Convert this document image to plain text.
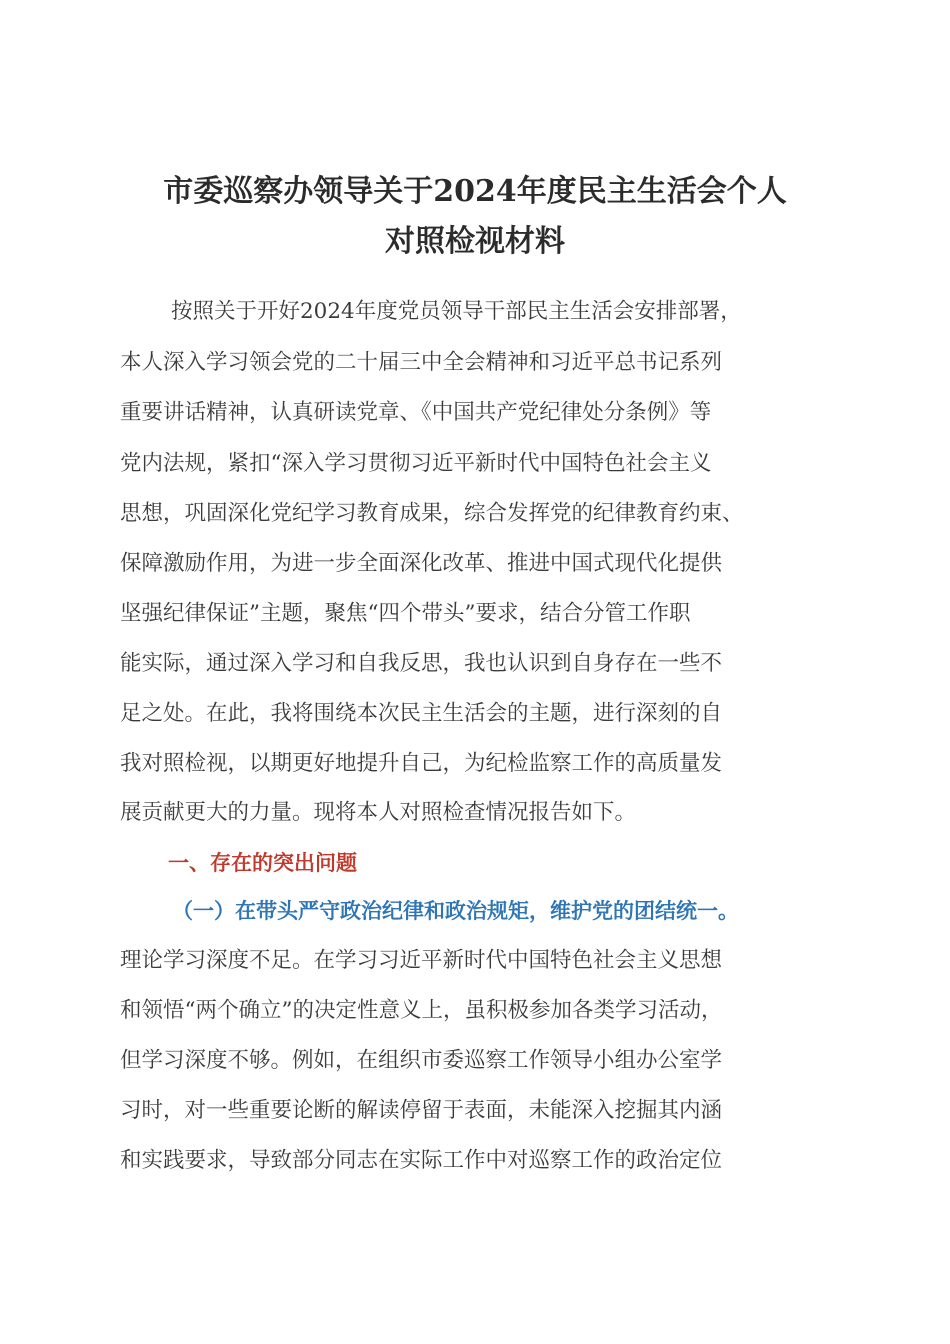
市委巡察办领导关于2024年度民主生活会个人
对照检视材料

按照关于开好2024年度党员领导干部民主生活会安排部署，

本人深入学习领会党的二十届三中全会精神和习近平总书记系列

重要讲话精神，认真研读党章、《中国共产党纪律处分条例》等

党内法规，紧扣“深入学习贯彻习近平新时代中国特色社会主义

思想，巩固深化党纪学习教育成果，综合发挥党的纪律教育约束、

保障激励作用，为进一步全面深化改革、推进中国式现代化提供

坚强纪律保证”主题，聚焦“四个带头”要求，结合分管工作职

能实际，通过深入学习和自我反思，我也认识到自身存在一些不

足之处。在此，我将围绕本次民主生活会的主题，进行深刻的自

我对照检视，以期更好地提升自己，为纪检监察工作的高质量发

展贡献更大的力量。现将本人对照检查情况报告如下。

一、存在的突出问题
（一）在带头严守政治纪律和政治规矩，维护党的团结统一。

理论学习深度不足。在学习习近平新时代中国特色社会主义思想

和领悟“两个确立”的决定性意义上，虽积极参加各类学习活动，

但学习深度不够。例如，在组织市委巡察工作领导小组办公室学

习时，对一些重要论断的解读停留于表面，未能深入挖掘其内涵

和实践要求，导致部分同志在实际工作中对巡察工作的政治定位
